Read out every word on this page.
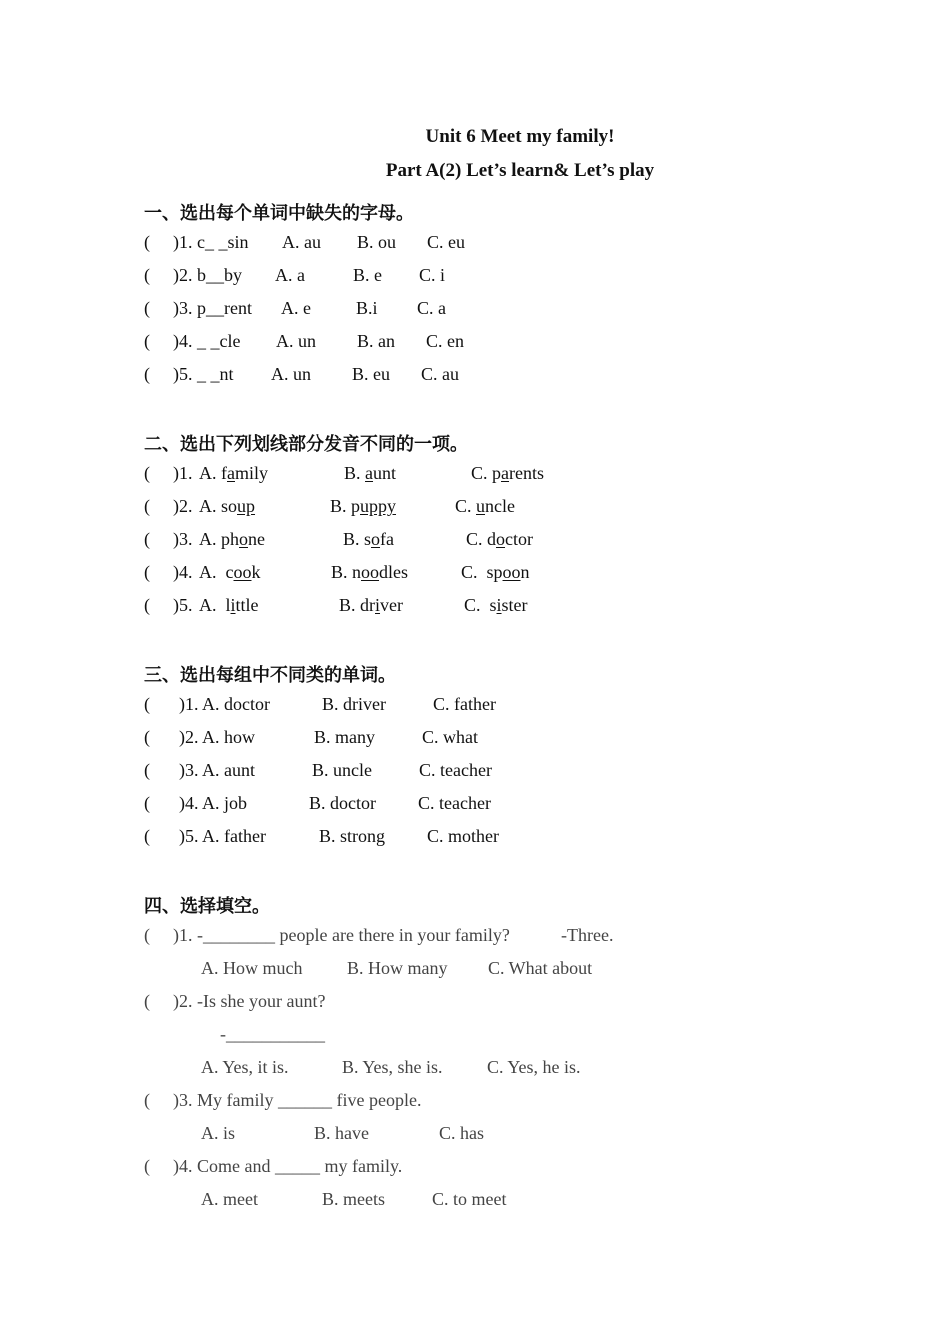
Unit 6 Meet my family!
Part A(2) Let’s learn& Let’s play
一、选出每个单词中缺失的字母。
( )1. c_ _sin A. au B. ou C. eu
( )2. b__by A. a	B. e C. i
( )3. p__rent A. e	B.i C. a
( )4. _ _cle A. un B. an C. en
( )5. _ _nt A. un B. eu C. au
二、选出下列划线部分发音不同的一项。
( )1. A. family	B. aunt	C. parents
( )2. A. soup	B. puppy	C. uncle
( )3. A. phone	B. sofa	C. doctor
( )4. A.  cook	B. noodles	C.  spoon
( )5. A.  little	B. driver	C.  sister
三、选出每组中不同类的单词。
( )1. A. doctor	B. driver	C. father
( )2. A. how	B. many	C. what
( )3. A. aunt	B. uncle	C. teacher
( )4. A. job	B. doctor C. teacher
( )5. A. father	B. strong C. mother
四、选择填空。
( )1. -________ people are there in your family?	-Three.
A. How much B. How many C. What about
( )2. -Is she your aunt?
-___________
A. Yes, it is.	B. Yes, she is. C. Yes, he is.
( )3. My family ______ five people.
A. is	B. have	C. has
( )4. Come and _____ my family.
A. meet	B. meets	C. to meet
